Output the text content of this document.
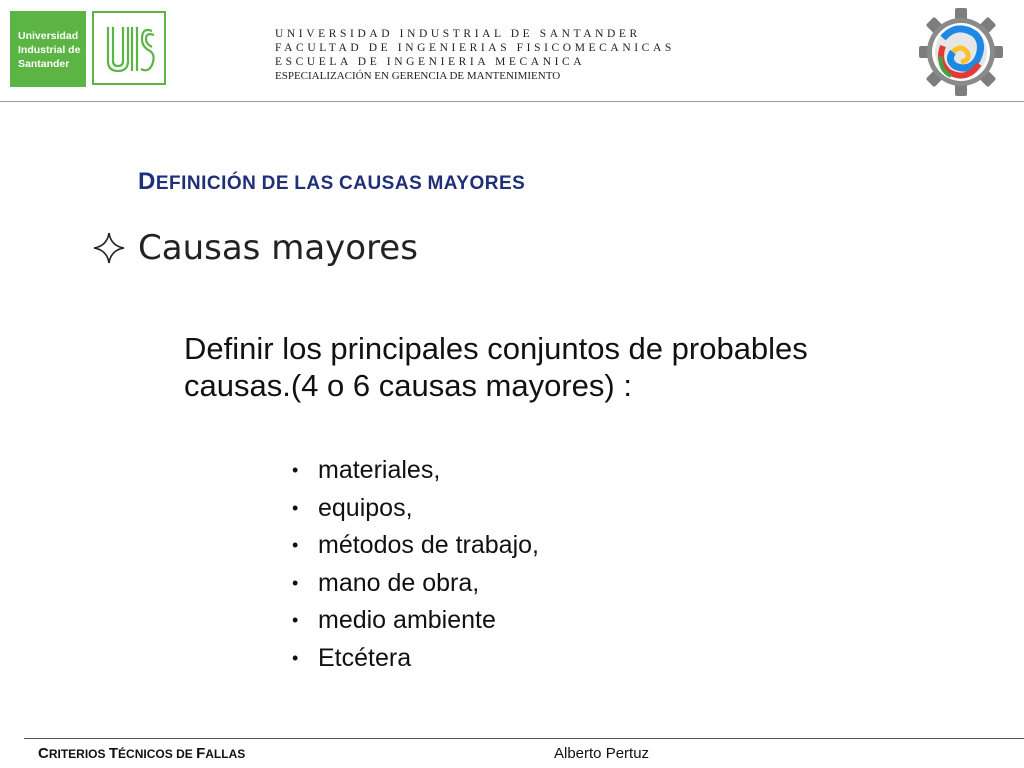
Universidad
Industrial de
Santander
UNIVERSIDAD INDUSTRIAL DE SANTANDER
FACULTAD DE INGENIERIAS FISICOMECANICAS
ESCUELA DE INGENIERIA MECANICA
ESPECIALIZACIÓN EN GERENCIA DE MANTENIMIENTO
DEFINICIÓN DE LAS CAUSAS MAYORES
Causas mayores
Definir los principales conjuntos de probables causas.(4 o 6 causas mayores) :
• materiales,
• equipos,
• métodos de trabajo,
• mano de obra,
• medio ambiente
• Etcétera
CRITERIOS TÉCNICOS DE FALLAS	Alberto Pertuz
